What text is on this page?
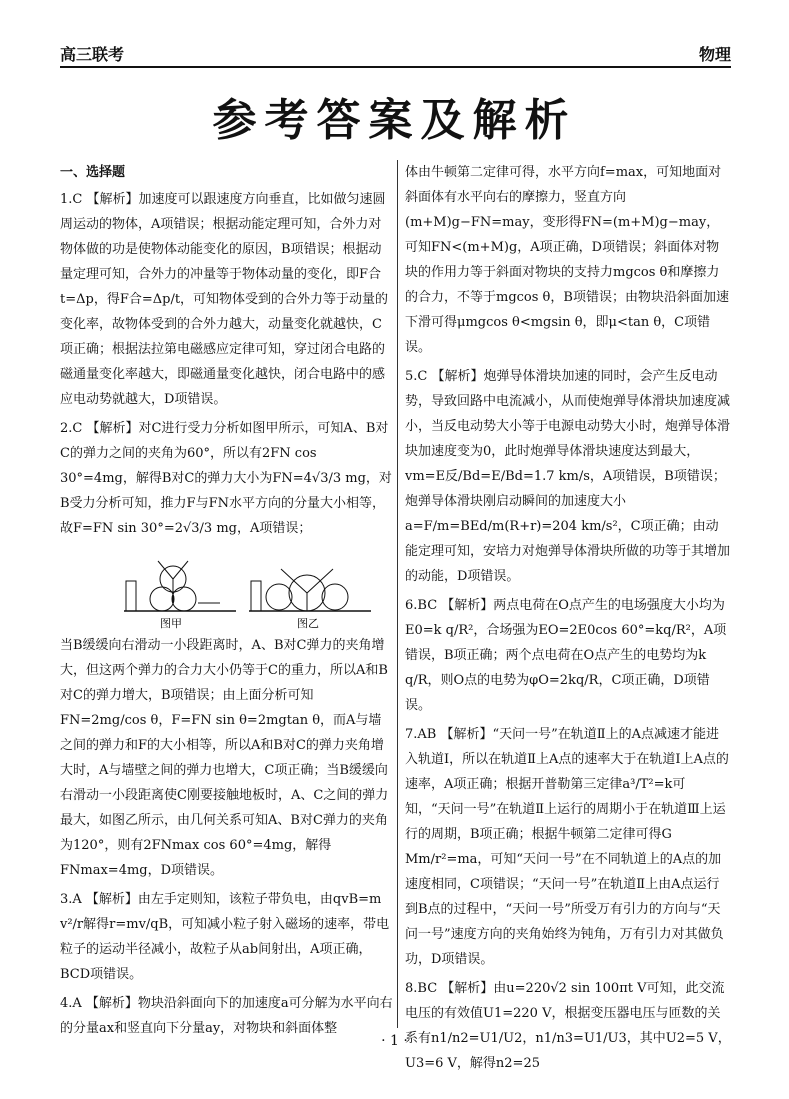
高三联考	物理
参考答案及解析
一、选择题
1.C 【解析】加速度可以跟速度方向垂直，比如做匀速圆周运动的物体，A项错误；根据动能定理可知，合外力对物体做的功是使物体动能变化的原因，B项错误；根据动量定理可知，合外力的冲量等于物体动量的变化，即F合 t=Δp，得F合=Δp/t，可知物体受到的合外力等于动量的变化率，故物体受到的合外力越大，动量变化就越快，C项正确；根据法拉第电磁感应定律可知，穿过闭合电路的磁通量变化率越大，即磁通量变化越快，闭合电路中的感应电动势就越大，D项错误。
2.C 【解析】对C进行受力分析如图甲所示，可知A、B对C的弹力之间的夹角为60°，所以有2FN cos 30°=4mg，解得B对C的弹力大小为FN=4√3/3 mg，对B受力分析可知，推力F与FN水平方向的分量大小相等，故F=FN sin 30°=2√3/3 mg，A项错误；
图甲	图乙
当B缓缓向右滑动一小段距离时，A、B对C弹力的夹角增大，但这两个弹力的合力大小仍等于C的重力，所以A和B对C的弹力增大，B项错误；由上面分析可知FN=2mg/cos θ，F=FN sin θ=2mgtan θ，而A与墙之间的弹力和F的大小相等，所以A和B对C的弹力夹角增大时，A与墙壁之间的弹力也增大，C项正确；当B缓缓向右滑动一小段距离使C刚要接触地板时，A、C之间的弹力最大，如图乙所示，由几何关系可知A、B对C弹力的夹角为120°，则有2FNmax cos 60°=4mg，解得FNmax=4mg，D项错误。
3.A 【解析】由左手定则知，该粒子带负电，由qvB=m v²/r解得r=mv/qB，可知减小粒子射入磁场的速率，带电粒子的运动半径减小，故粒子从ab间射出，A项正确，BCD项错误。
4.A 【解析】物块沿斜面向下的加速度a可分解为水平向右的分量ax和竖直向下分量ay，对物块和斜面体整
体由牛顿第二定律可得，水平方向f=max，可知地面对斜面体有水平向右的摩擦力，竖直方向(m+M)g−FN=may，变形得FN=(m+M)g−may，可知FN<(m+M)g，A项正确，D项错误；斜面体对物块的作用力等于斜面对物块的支持力mgcos θ和摩擦力的合力，不等于mgcos θ，B项错误；由物块沿斜面加速下滑可得μmgcos θ<mgsin θ，即μ<tan θ，C项错误。
5.C 【解析】炮弹导体滑块加速的同时，会产生反电动势，导致回路中电流减小，从而使炮弹导体滑块加速度减小，当反电动势大小等于电源电动势大小时，炮弹导体滑块加速度变为0，此时炮弹导体滑块速度达到最大，vm=E反/Bd=E/Bd=1.7 km/s，A项错误，B项错误；炮弹导体滑块刚启动瞬间的加速度大小a=F/m=BEd/m(R+r)=204 km/s²，C项正确；由动能定理可知，安培力对炮弹导体滑块所做的功等于其增加的动能，D项错误。
6.BC 【解析】两点电荷在O点产生的电场强度大小均为E0=k q/R²，合场强为EO=2E0cos 60°=kq/R²，A项错误，B项正确；两个点电荷在O点产生的电势均为k q/R，则O点的电势为φO=2kq/R，C项正确，D项错误。
7.AB 【解析】“天问一号”在轨道Ⅱ上的A点减速才能进入轨道Ⅰ，所以在轨道Ⅱ上A点的速率大于在轨道Ⅰ上A点的速率，A项正确；根据开普勒第三定律a³/T²=k可知，“天问一号”在轨道Ⅱ上运行的周期小于在轨道Ⅲ上运行的周期，B项正确；根据牛顿第二定律可得G Mm/r²=ma，可知“天问一号”在不同轨道上的A点的加速度相同，C项错误；“天问一号”在轨道Ⅱ上由A点运行到B点的过程中，“天问一号”所受万有引力的方向与“天问一号”速度方向的夹角始终为钝角，万有引力对其做负功，D项错误。
8.BC 【解析】由u=220√2 sin 100πt V可知，此交流电压的有效值U1=220 V，根据变压器电压与匝数的关系有n1/n2=U1/U2，n1/n3=U1/U3，其中U2=5 V，U3=6 V，解得n2=25
· 1 ·
